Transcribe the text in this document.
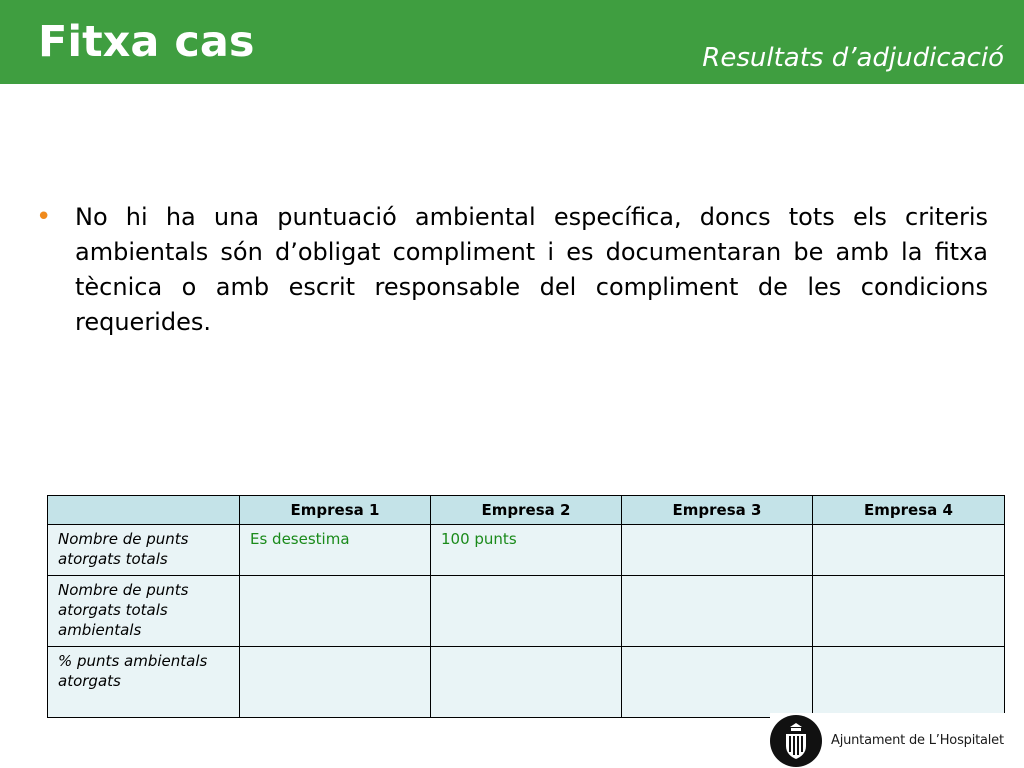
Fitxa cas	Resultats d’adjudicació
• No hi ha una puntuació ambiental específica, doncs tots els criteris ambientals són d’obligat compliment i es documentaran be amb la fitxa tècnica o amb escrit responsable del compliment de les condicions requerides.
	Empresa 1	Empresa 2	Empresa 3	Empresa 4
Nombre de punts atorgats totals	Es desestima	100 punts		
Nombre de punts atorgats totals ambientals				
% punts ambientals atorgats				
Ajuntament de L’Hospitalet
